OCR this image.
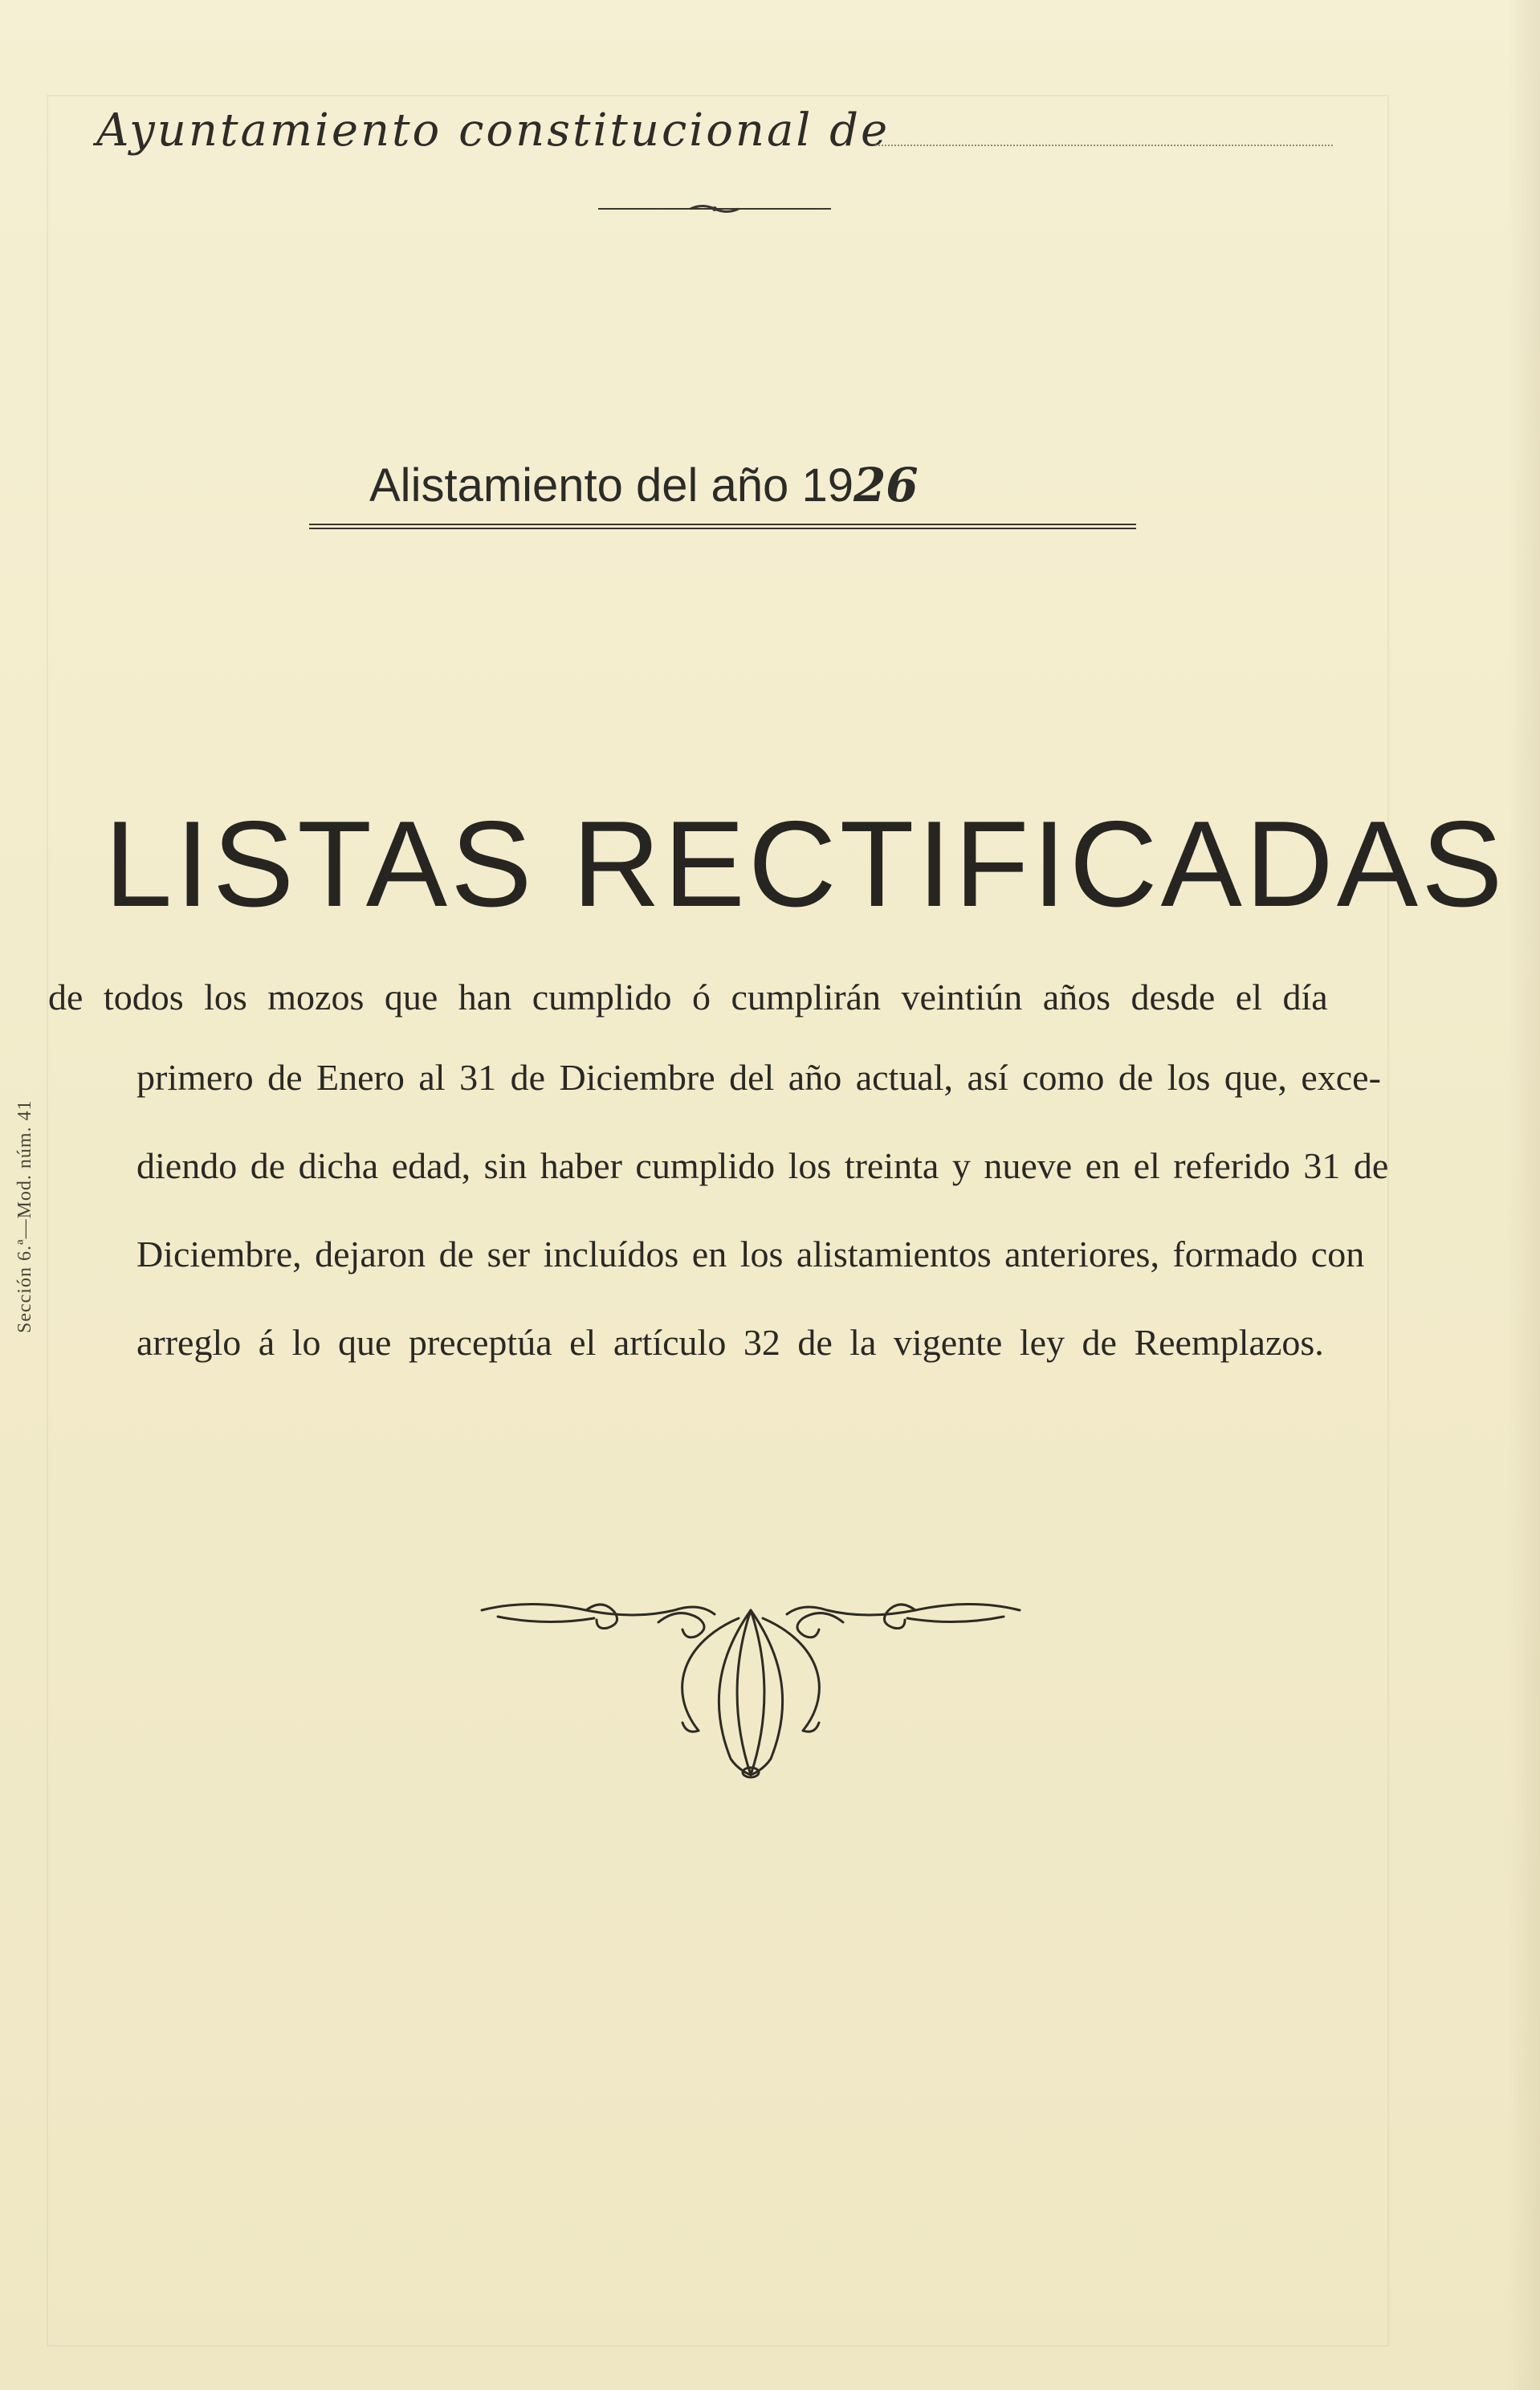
Ayuntamiento constitucional de
Alistamiento del año 1926
LISTAS RECTIFICADAS
de todos los mozos que han cumplido ó cumplirán veintiún años desde el día
primero de Enero al 31 de Diciembre del año actual, así como de los que, exce-
diendo de dicha edad, sin haber cumplido los treinta y nueve en el referido 31 de
Diciembre, dejaron de ser incluídos en los alistamientos anteriores, formado con
arreglo á lo que preceptúa el artículo 32 de la vigente ley de Reemplazos.
Sección 6.ª—Mod. núm. 41
